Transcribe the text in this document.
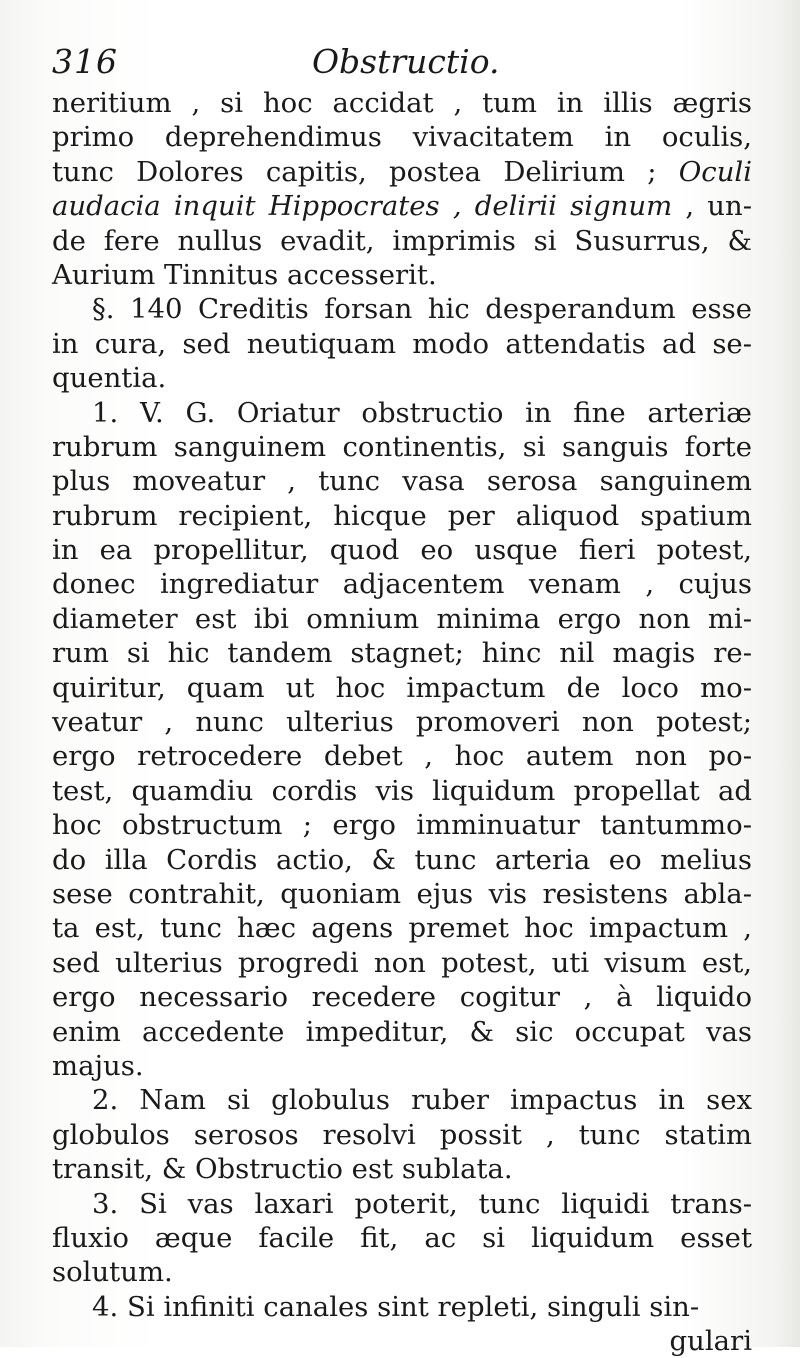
316	Obstructio.
neritium , si hoc accidat , tum in illis ægris
primo deprehendimus vivacitatem in oculis,
tunc Dolores capitis, postea Delirium ; Oculi
audacia inquit Hippocrates , delirii signum , un-
de fere nullus evadit, imprimis si Susurrus, &
Aurium Tinnitus accesserit.
§. 140 Creditis forsan hic desperandum esse
in cura, sed neutiquam modo attendatis ad se-
quentia.
1. V. G. Oriatur obstructio in fine arteriæ
rubrum sanguinem continentis, si sanguis forte
plus moveatur , tunc vasa serosa sanguinem
rubrum recipient, hicque per aliquod spatium
in ea propellitur, quod eo usque fieri potest,
donec ingrediatur adjacentem venam , cujus
diameter est ibi omnium minima ergo non mi-
rum si hic tandem stagnet; hinc nil magis re-
quiritur, quam ut hoc impactum de loco mo-
veatur , nunc ulterius promoveri non potest;
ergo retrocedere debet , hoc autem non po-
test, quamdiu cordis vis liquidum propellat ad
hoc obstructum ; ergo imminuatur tantummo-
do illa Cordis actio, & tunc arteria eo melius
sese contrahit, quoniam ejus vis resistens abla-
ta est, tunc hæc agens premet hoc impactum ,
sed ulterius progredi non potest, uti visum est,
ergo necessario recedere cogitur , à liquido
enim accedente impeditur, & sic occupat vas
majus.
2. Nam si globulus ruber impactus in sex
globulos serosos resolvi possit , tunc statim
transit, & Obstructio est sublata.
3. Si vas laxari poterit, tunc liquidi trans-
fluxio æque facile fit, ac si liquidum esset
solutum.
4. Si infiniti canales sint repleti, singuli sin-
gulari
